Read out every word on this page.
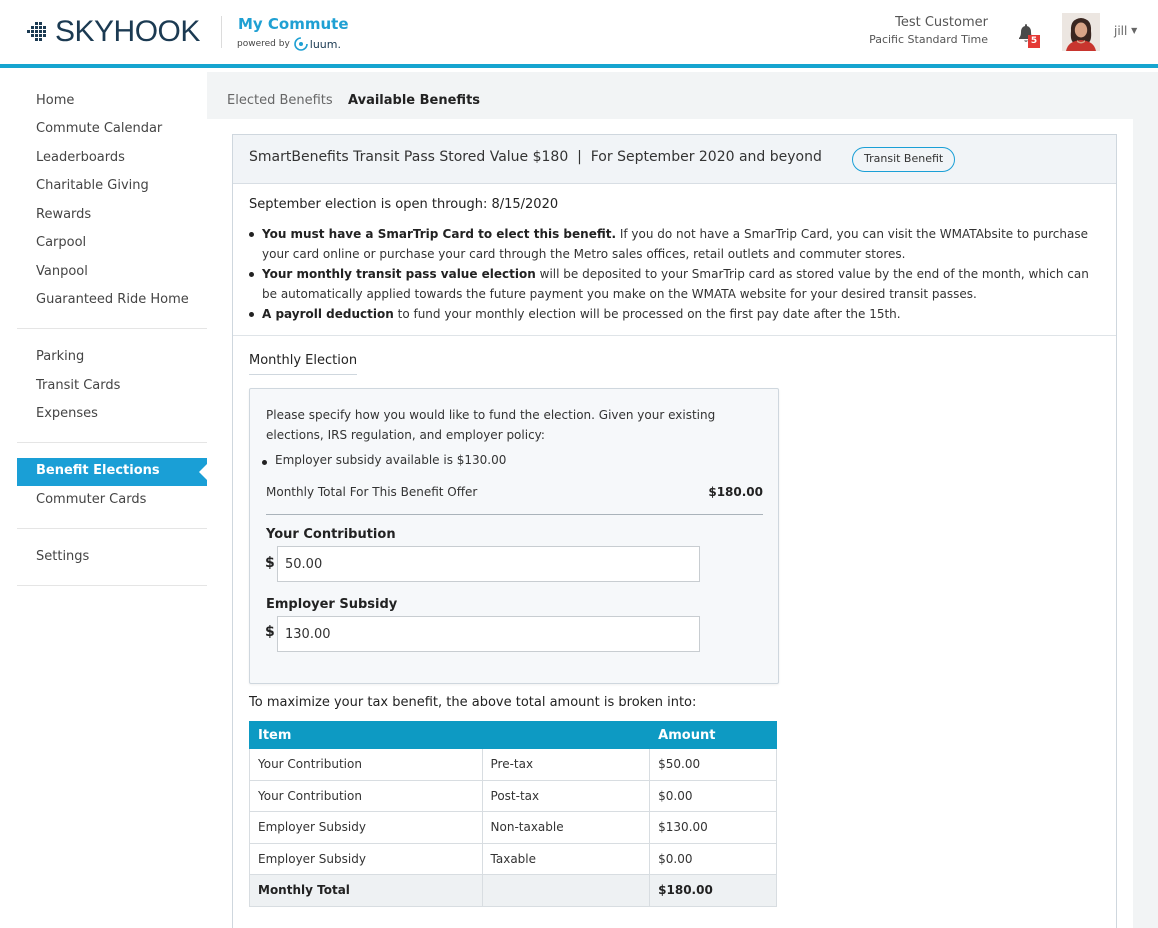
SKYHOOK	My Commute
powered by luum.
Test Customer
Pacific Standard Time	5
jill ▼
Home
Commute Calendar
Leaderboards
Charitable Giving
Rewards
Carpool
Vanpool
Guaranteed Ride Home
Parking
Transit Cards
Expenses
Benefit Elections
Commuter Cards
Settings
Elected Benefits Available Benefits
SmartBenefits Transit Pass Stored Value $180  |  For September 2020 and beyond	Transit Benefit
September election is open through: 8/15/2020
You must have a SmarTrip Card to elect this benefit. If you do not have a SmarTrip Card, you can visit the WMATAbsite to purchase your card online or purchase your card through the Metro sales offices, retail outlets and commuter stores.
Your monthly transit pass value election will be deposited to your SmarTrip card as stored value by the end of the month, which can be automatically applied towards the future payment you make on the WMATA website for your desired transit passes.
A payroll deduction to fund your monthly election will be processed on the first pay date after the 15th.
Monthly Election
Please specify how you would like to fund the election. Given your existing elections, IRS regulation, and employer policy:
Employer subsidy available is $130.00
Monthly Total For This Benefit Offer	$180.00
Your Contribution
$
50.00
Employer Subsidy
$
130.00
To maximize your tax benefit, the above total amount is broken into:
Item		Amount
Your Contribution	Pre-tax	$50.00
Your Contribution	Post-tax	$0.00
Employer Subsidy	Non-taxable	$130.00
Employer Subsidy	Taxable	$0.00
Monthly Total		$180.00
